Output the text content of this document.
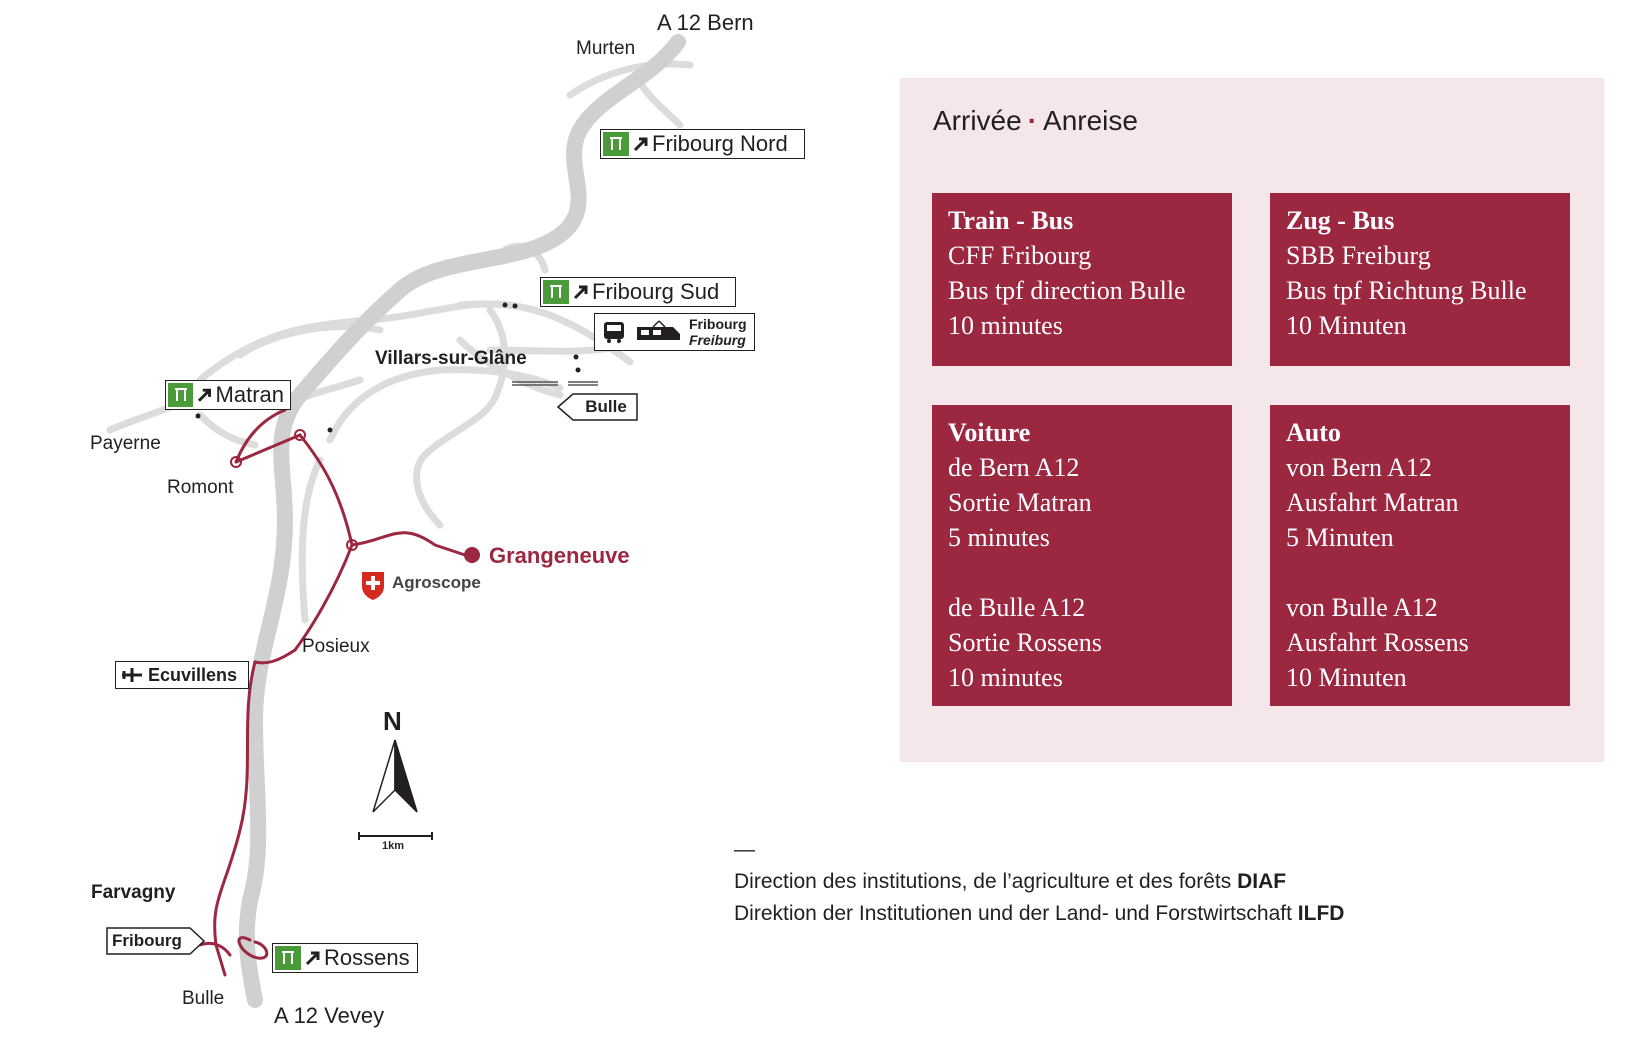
A 12 Bern
Murten
Villars-sur-Glâne
Payerne
Romont
Posieux
Farvagny
Bulle
A 12 Vevey
Grangeneuve
Agroscope
N
1km
Fribourg Nord
Fribourg Sud
Matran
Rossens
Fribourg
Freiburg
Bulle
Fribourg
Ecuvillens
Arrivée · Anreise
Train - Bus
CFF Fribourg
Bus tpf direction Bulle
10 minutes
Zug - Bus
SBB Freiburg
Bus tpf Richtung Bulle
10 Minuten
Voiture
de Bern A12
Sortie Matran
5 minutes
de Bulle A12
Sortie Rossens
10 minutes
Auto
von Bern A12
Ausfahrt Matran
5 Minuten
von Bulle A12
Ausfahrt Rossens
10 Minuten
—
Direction des institutions, de l’agriculture et des forêts DIAF
Direktion der Institutionen und der Land- und Forstwirtschaft ILFD
